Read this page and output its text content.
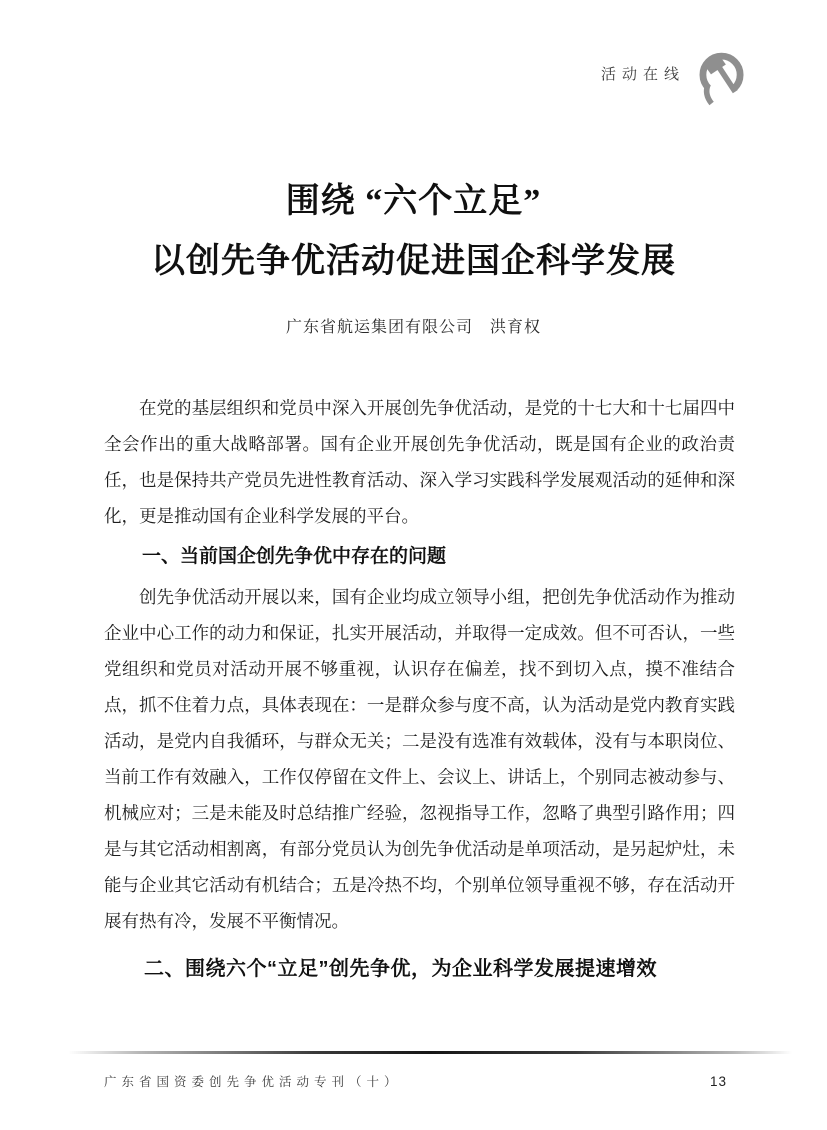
活动在线
围绕 “六个立足”
以创先争优活动促进国企科学发展
广东省航运集团有限公司　洪育权

在党的基层组织和党员中深入开展创先争优活动，是党的十七大和十七届四中全会作出的重大战略部署。国有企业开展创先争优活动，既是国有企业的政治责任，也是保持共产党员先进性教育活动、深入学习实践科学发展观活动的延伸和深化，更是推动国有企业科学发展的平台。

一、当前国企创先争优中存在的问题

创先争优活动开展以来，国有企业均成立领导小组，把创先争优活动作为推动企业中心工作的动力和保证，扎实开展活动，并取得一定成效。但不可否认，一些党组织和党员对活动开展不够重视，认识存在偏差，找不到切入点，摸不准结合点，抓不住着力点，具体表现在：一是群众参与度不高，认为活动是党内教育实践活动，是党内自我循环，与群众无关；二是没有选准有效载体，没有与本职岗位、当前工作有效融入，工作仅停留在文件上、会议上、讲话上，个别同志被动参与、机械应对；三是未能及时总结推广经验，忽视指导工作，忽略了典型引路作用；四是与其它活动相割离，有部分党员认为创先争优活动是单项活动，是另起炉灶，未能与企业其它活动有机结合；五是冷热不均，个别单位领导重视不够，存在活动开展有热有冷，发展不平衡情况。

二、围绕六个“立足”创先争优，为企业科学发展提速增效
广东省国资委创先争优活动专刊（十）	13
